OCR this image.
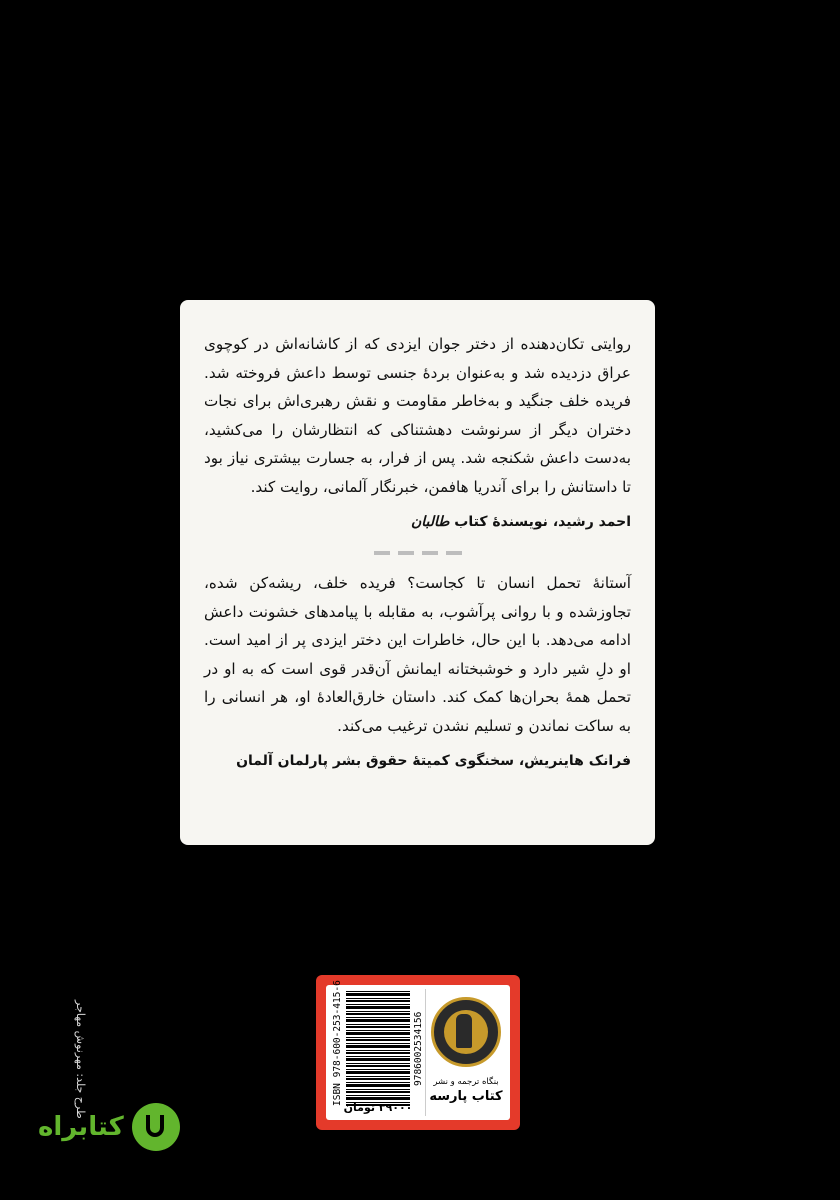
روایتی تکان‌دهنده از دختر جوان ایزدی که از کاشانه‌اش در کوچوی عراق دزدیده شد و به‌عنوان بردهٔ جنسی توسط داعش فروخته شد. فریده خلف جنگید و به‌خاطر مقاومت و نقش رهبری‌اش برای نجات دختران دیگر از سرنوشت دهشتناکی که انتظارشان را می‌کشید، به‌دست داعش شکنجه شد. پس از فرار، به جسارت بیشتری نیاز بود تا داستانش را برای آندریا هافمن، خبرنگار آلمانی، روایت کند.

احمد رشید، نویسندهٔ کتاب طالبان

آستانهٔ تحمل انسان تا کجاست؟ فریده خلف، ریشه‌کن شده، تجاوزشده و با روانی پرآشوب، به مقابله با پیامدهای خشونت داعش ادامه می‌دهد. با این حال، خاطرات این دختر ایزدی پر از امید است. او دلِ شیر دارد و خوشبختانه ایمانش آن‌قدر قوی است که به او در تحمل همهٔ بحران‌ها کمک کند. داستان خارق‌العادهٔ او، هر انسانی را به ساکت نماندن و تسلیم نشدن ترغیب می‌کند.

فرانک هاینریش، سخنگوی کمیتهٔ حقوق بشر پارلمان آلمان

ISBN 978-600-253-415-6	9786002534156
۳۹۰۰۰ تومان
بنگاه ترجمه و نشر
کتاب پارسه
طرح جلد: مهرنوش مهاجر
کتابراه
